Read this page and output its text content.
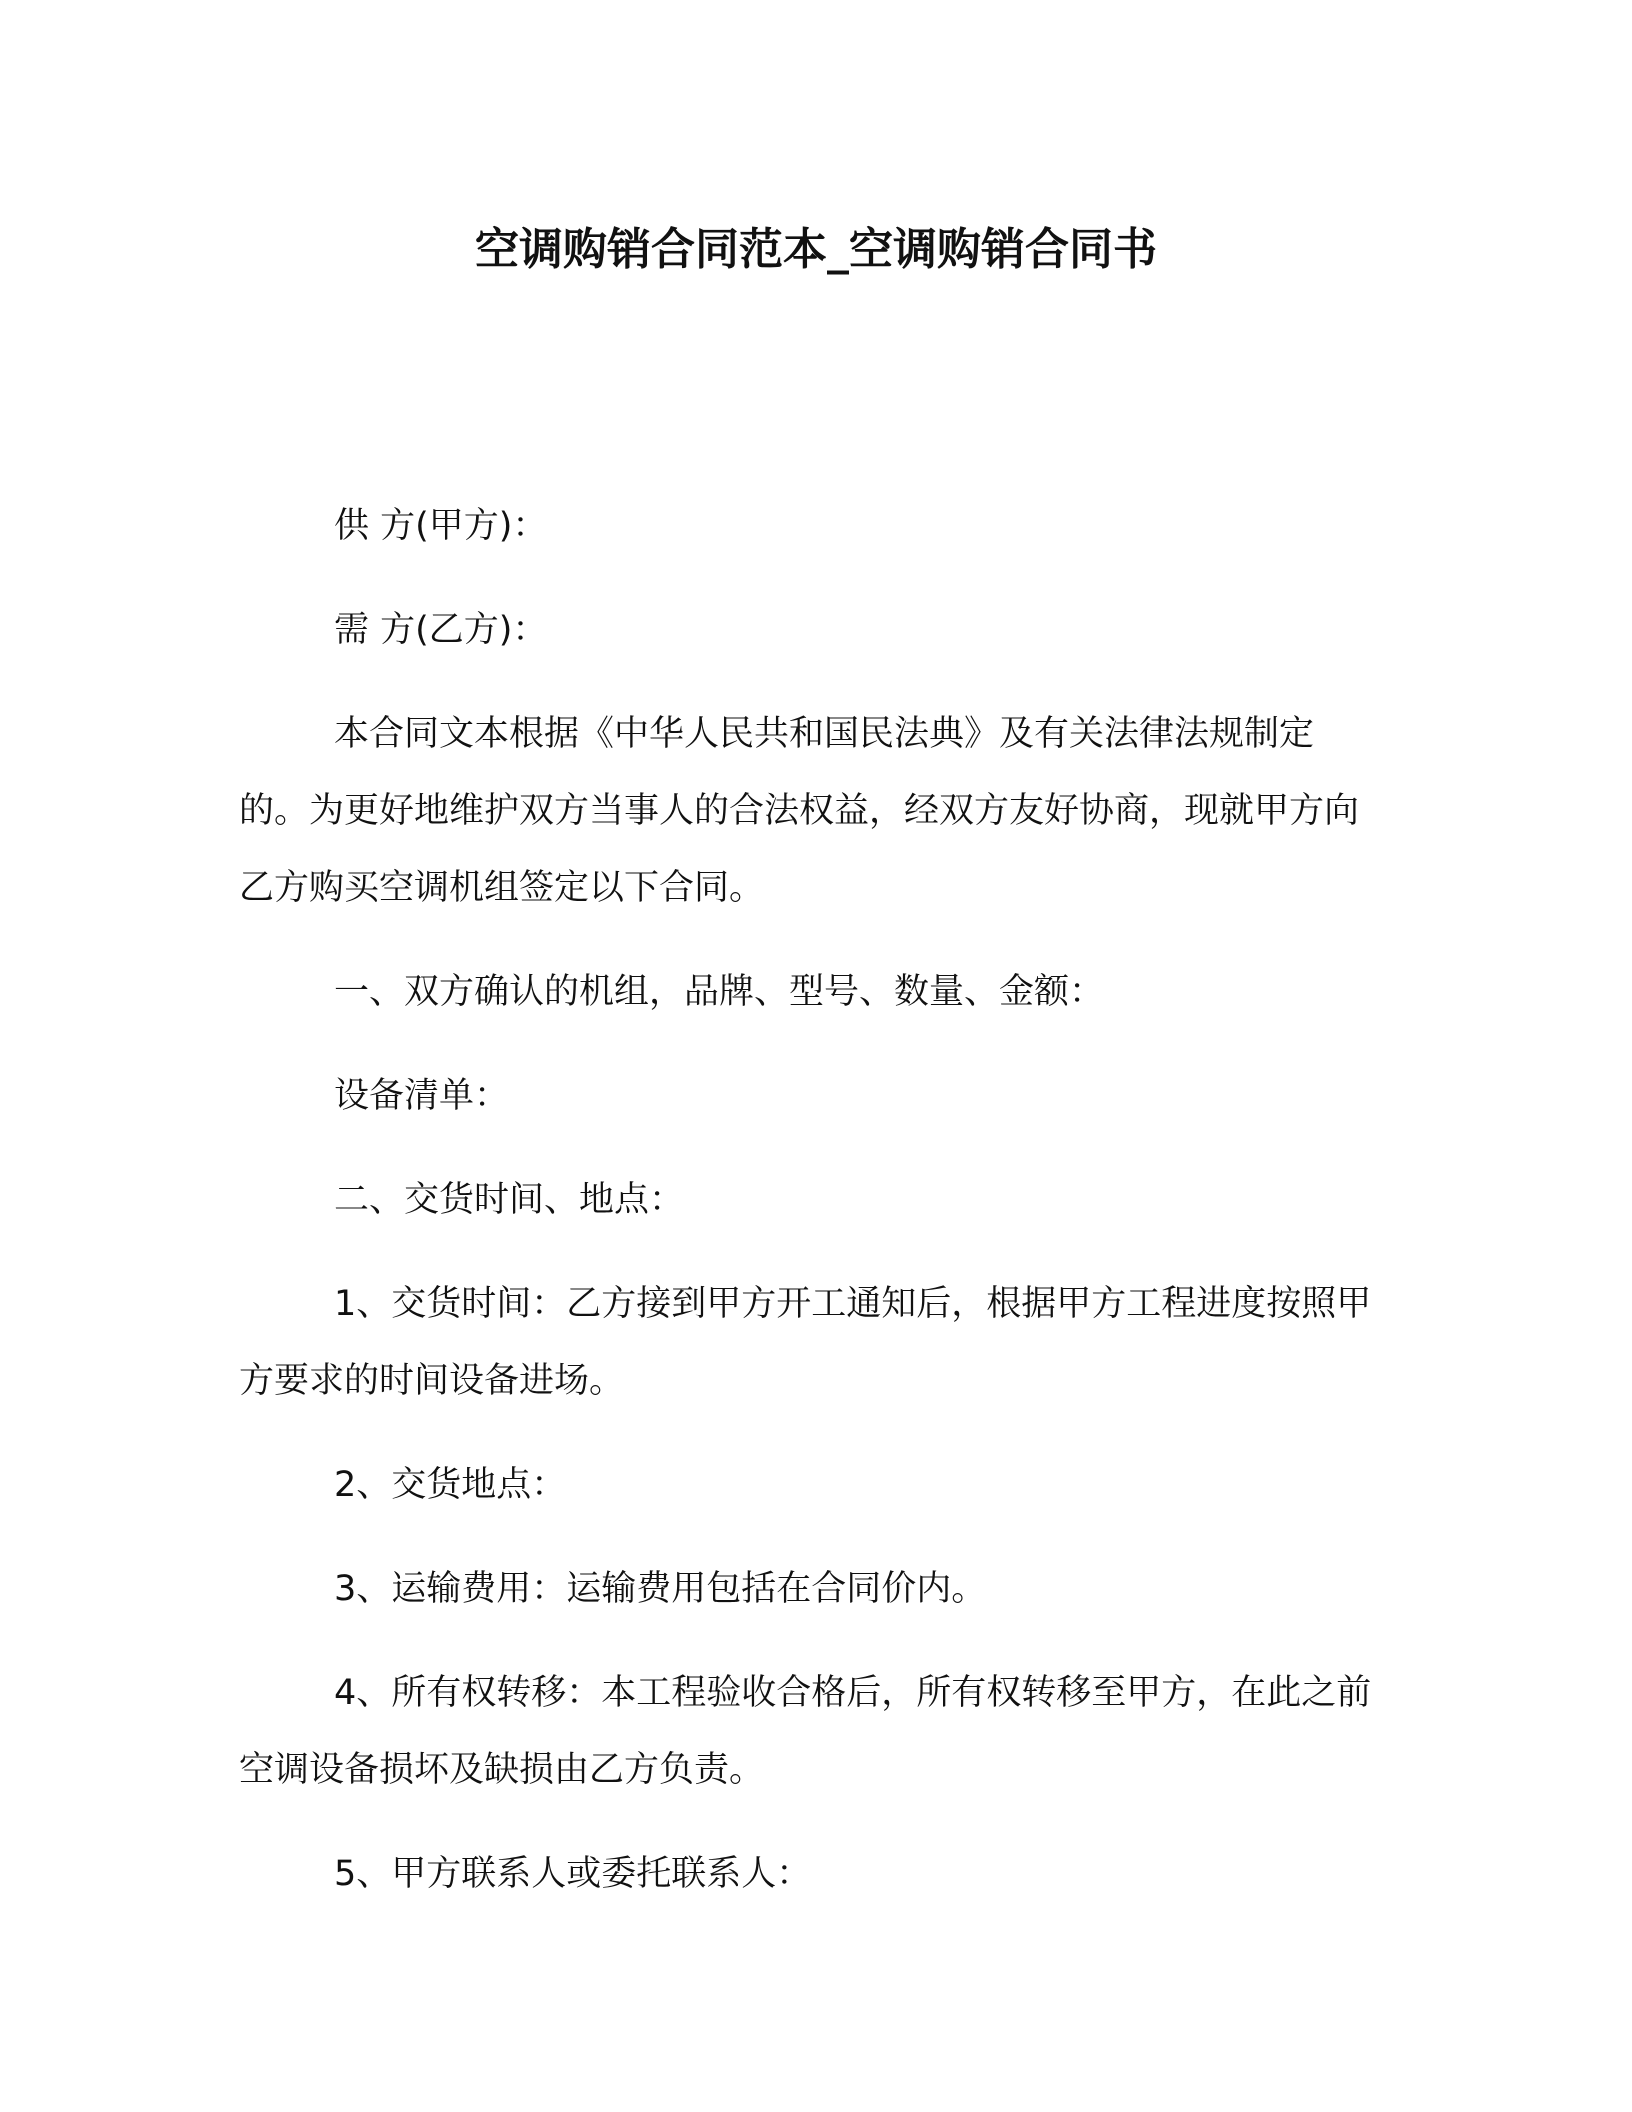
空调购销合同范本_空调购销合同书

供 方(甲方)：

需 方(乙方)：

本合同文本根据《中华人民共和国民法典》及有关法律法规制定的。为更好地维护双方当事人的合法权益，经双方友好协商，现就甲方向乙方购买空调机组签定以下合同。

一、双方确认的机组，品牌、型号、数量、金额：

设备清单：

二、交货时间、地点：

1、交货时间：乙方接到甲方开工通知后，根据甲方工程进度按照甲方要求的时间设备进场。

2、交货地点：

3、运输费用：运输费用包括在合同价内。

4、所有权转移：本工程验收合格后，所有权转移至甲方，在此之前空调设备损坏及缺损由乙方负责。

5、甲方联系人或委托联系人：
